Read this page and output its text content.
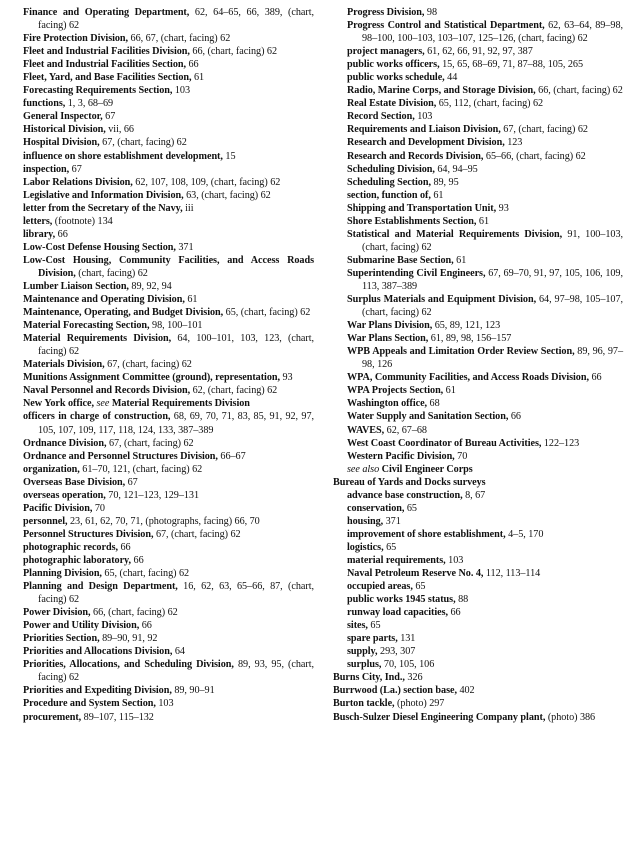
Finance and Operating Department, 62, 64–65, 66, 389, (chart, facing) 62
Fire Protection Division, 66, 67, (chart, facing) 62
Fleet and Industrial Facilities Division, 66, (chart, facing) 62
Fleet and Industrial Facilities Section, 66
Fleet, Yard, and Base Facilities Section, 61
Forecasting Requirements Section, 103
functions, 1, 3, 68–69
General Inspector, 67
Historical Division, vii, 66
Hospital Division, 67, (chart, facing) 62
influence on shore establishment development, 15
inspection, 67
Labor Relations Division, 62, 107, 108, 109, (chart, facing) 62
Legislative and Information Division, 63, (chart, facing) 62
letter from the Secretary of the Navy, iii
letters, (footnote) 134
library, 66
Low-Cost Defense Housing Section, 371
Low-Cost Housing, Community Facilities, and Access Roads Division, (chart, facing) 62
Lumber Liaison Section, 89, 92, 94
Maintenance and Operating Division, 61
Maintenance, Operating, and Budget Division, 65, (chart, facing) 62
Material Forecasting Section, 98, 100–101
Material Requirements Division, 64, 100–101, 103, 123, (chart, facing) 62
Materials Division, 67, (chart, facing) 62
Munitions Assignment Committee (ground), representation, 93
Naval Personnel and Records Division, 62, (chart, facing) 62
New York office, see Material Requirements Division
officers in charge of construction, 68, 69, 70, 71, 83, 85, 91, 92, 97, 105, 107, 109, 117, 118, 124, 133, 387–389
Ordnance Division, 67, (chart, facing) 62
Ordnance and Personnel Structures Division, 66–67
organization, 61–70, 121, (chart, facing) 62
Overseas Base Division, 67
overseas operation, 70, 121–123, 129–131
Pacific Division, 70
personnel, 23, 61, 62, 70, 71, (photographs, facing) 66, 70
Personnel Structures Division, 67, (chart, facing) 62
photographic records, 66
photographic laboratory, 66
Planning Division, 65, (chart, facing) 62
Planning and Design Department, 16, 62, 63, 65–66, 87, (chart, facing) 62
Power Division, 66, (chart, facing) 62
Power and Utility Division, 66
Priorities Section, 89–90, 91, 92
Priorities and Allocations Division, 64
Priorities, Allocations, and Scheduling Division, 89, 93, 95, (chart, facing) 62
Priorities and Expediting Division, 89, 90–91
Procedure and System Section, 103
procurement, 89–107, 115–132
Progress Division, 98
Progress Control and Statistical Department, 62, 63–64, 89–98, 98–100, 100–103, 103–107, 125–126, (chart, facing) 62
project managers, 61, 62, 66, 91, 92, 97, 387
public works officers, 15, 65, 68–69, 71, 87–88, 105, 265
public works schedule, 44
Radio, Marine Corps, and Storage Division, 66, (chart, facing) 62
Real Estate Division, 65, 112, (chart, facing) 62
Record Section, 103
Requirements and Liaison Division, 67, (chart, facing) 62
Research and Development Division, 123
Research and Records Division, 65–66, (chart, facing) 62
Scheduling Division, 64, 94–95
Scheduling Section, 89, 95
section, function of, 61
Shipping and Transportation Unit, 93
Shore Establishments Section, 61
Statistical and Material Requirements Division, 91, 100–103, (chart, facing) 62
Submarine Base Section, 61
Superintending Civil Engineers, 67, 69–70, 91, 97, 105, 106, 109, 113, 387–389
Surplus Materials and Equipment Division, 64, 97–98, 105–107, (chart, facing) 62
War Plans Division, 65, 89, 121, 123
War Plans Section, 61, 89, 98, 156–157
WPB Appeals and Limitation Order Review Section, 89, 96, 97–98, 126
WPA, Community Facilities, and Access Roads Division, 66
WPA Projects Section, 61
Washington office, 68
Water Supply and Sanitation Section, 66
WAVES, 62, 67–68
West Coast Coordinator of Bureau Activities, 122–123
Western Pacific Division, 70
see also Civil Engineer Corps
Bureau of Yards and Docks surveys
advance base construction, 8, 67
conservation, 65
housing, 371
improvement of shore establishment, 4–5, 170
logistics, 65
material requirements, 103
Naval Petroleum Reserve No. 4, 112, 113–114
occupied areas, 65
public works 1945 status, 88
runway load capacities, 66
sites, 65
spare parts, 131
supply, 293, 307
surplus, 70, 105, 106
Burns City, Ind., 326
Burrwood (La.) section base, 402
Burton tackle, (photo) 297
Busch-Sulzer Diesel Engineering Company plant, (photo) 386
